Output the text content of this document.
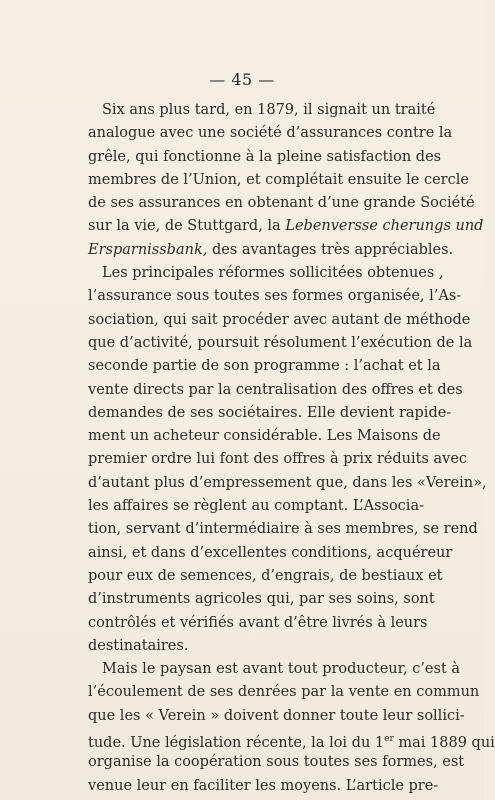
— 45 —
Six ans plus tard, en 1879, il signait un traité
analogue avec une société d’assurances contre la
grêle, qui fonctionne à la pleine satisfaction des
membres de l’Union, et complétait ensuite le cercle
de ses assurances en obtenant d’une grande Société
sur la vie, de Stuttgard, la Lebenversse cherungs und
Ersparnissbank, des avantages très appréciables.
Les principales réformes sollicitées obtenues ,
l’assurance sous toutes ses formes organisée, l’As-
sociation, qui sait procéder avec autant de méthode
que d’activité, poursuit résolument l’exécution de la
seconde partie de son programme : l’achat et la
vente directs par la centralisation des offres et des
demandes de ses sociétaires. Elle devient rapide-
ment un acheteur considérable. Les Maisons de
premier ordre lui font des offres à prix réduits avec
d’autant plus d’empressement que, dans les «Verein»,
les affaires se règlent au comptant. L’Associa-
tion, servant d’intermédiaire à ses membres, se rend
ainsi, et dans d’excellentes conditions, acquéreur
pour eux de semences, d’engrais, de bestiaux et
d’instruments agricoles qui, par ses soins, sont
contrôlés et vérifiés avant d’être livrés à leurs
destinataires.
Mais le paysan est avant tout producteur, c’est à
l’écoulement de ses denrées par la vente en commun
que les « Verein » doivent donner toute leur sollici-
tude. Une législation récente, la loi du 1er mai 1889 qui
organise la coopération sous toutes ses formes, est
venue leur en faciliter les moyens. L’article pre-
